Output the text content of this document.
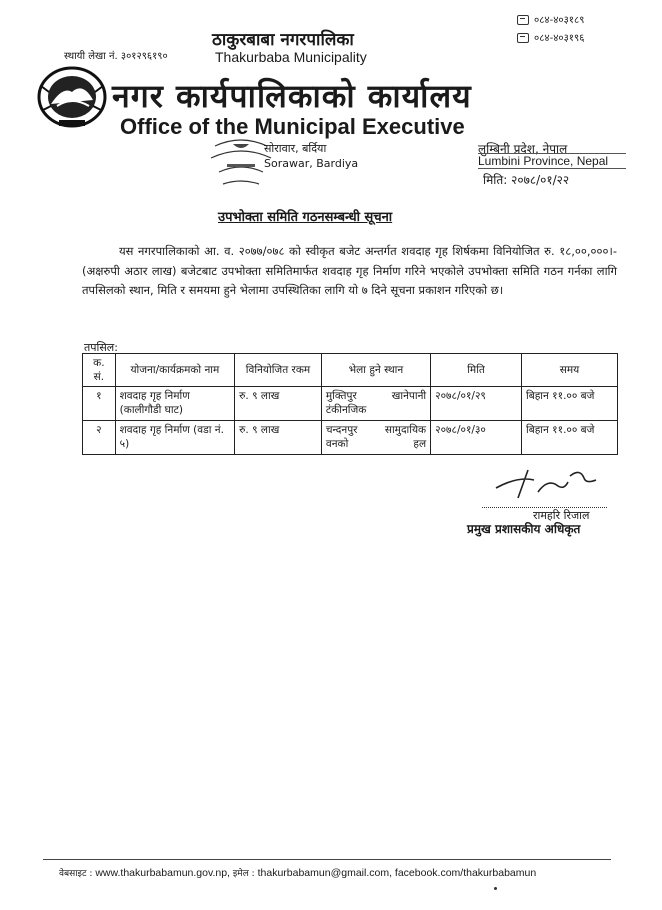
स्थायी लेखा नं. ३०१२९६१९०
०८४-४०३१८९
०८४-४०३१९६
ठाकुरबाबा नगरपालिका
Thakurbaba Municipality
नगर कार्यपालिकाको कार्यालय
Office of the Municipal Executive
सोरावार, बर्दिया
Sorawar, Bardiya
लुम्बिनी प्रदेश, नेपाल
Lumbini Province, Nepal
मिति: २०७८/०१/२२
उपभोक्ता समिति गठनसम्बन्धी सूचना
यस नगरपालिकाको आ. व. २०७७/०७८ को स्वीकृत बजेट अन्तर्गत शवदाह गृह शिर्षकमा विनियोजित रु. १८,००,०००।- (अक्षरुपी अठार लाख) बजेटबाट उपभोक्ता समितिमार्फत शवदाह गृह निर्माण गरिने भएकोले उपभोक्ता समिति गठन गर्नका लागि तपसिलको स्थान, मिति र समयमा हुने भेलामा उपस्थितिका लागि यो ७ दिने सूचना प्रकाशन गरिएको छ।
तपसिल:
क. सं.	योजना/कार्यक्रमको नाम	विनियोजित रकम	भेला हुने स्थान	मिति	समय
१	शवदाह गृह निर्माण (कालीगौडी घाट)	रु. ९ लाख	मुक्तिपुर खानेपानी टंकीनजिक	२०७८/०१/२९	बिहान ११.०० बजे
२	शवदाह गृह निर्माण (वडा नं. ५)	रु. ९ लाख	चन्दनपुर सामुदायिक वनको हल	२०७८/०१/३०	बिहान ११.०० बजे
रामहरि रिजाल
प्रमुख प्रशासकीय अधिकृत
वेबसाइट : www.thakurbabamun.gov.np, इमेल : thakurbabamun@gmail.com, facebook.com/thakurbabamun
